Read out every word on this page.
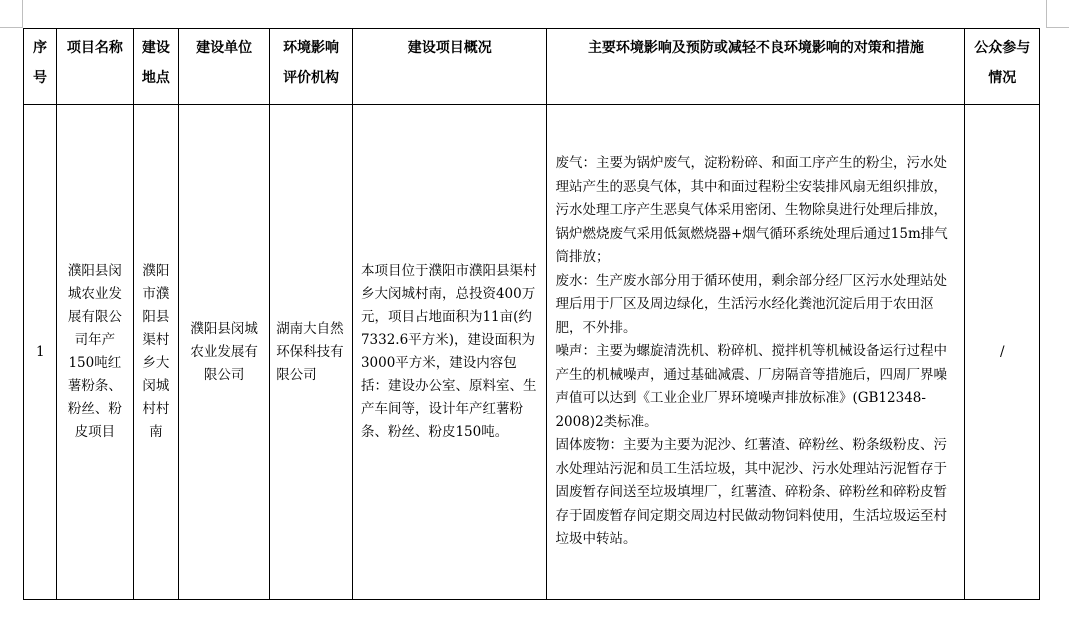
序号	项目名称	建设地点	建设单位	环境影响评价机构	建设项目概况	主要环境影响及预防或减轻不良环境影响的对策和措施	公众参与情况
1	濮阳县闵城农业发展有限公司年产150吨红薯粉条、粉丝、粉皮项目	濮阳市濮阳县渠村乡大闵城村村南	濮阳县闵城农业发展有限公司	湖南大自然环保科技有限公司	本项目位于濮阳市濮阳县渠村乡大闵城村南，总投资400万元，项目占地面积为11亩(约7332.6平方米)，建设面积为3000平方米，建设内容包括：建设办公室、原料室、生产车间等，设计年产红薯粉条、粉丝、粉皮150吨。	废气：主要为锅炉废气，淀粉粉碎、和面工序产生的粉尘，污水处理站产生的恶臭气体，其中和面过程粉尘安装排风扇无组织排放，污水处理工序产生恶臭气体采用密闭、生物除臭进行处理后排放，锅炉燃烧废气采用低氮燃烧器+烟气循环系统处理后通过15m排气筒排放；

废水：生产废水部分用于循环使用，剩余部分经厂区污水处理站处理后用于厂区及周边绿化，生活污水经化粪池沉淀后用于农田沤肥，不外排。

噪声：主要为螺旋清洗机、粉碎机、搅拌机等机械设备运行过程中产生的机械噪声，通过基础减震、厂房隔音等措施后，四周厂界噪声值可以达到《工业企业厂界环境噪声排放标准》(GB12348-2008)2类标准。

固体废物：主要为主要为泥沙、红薯渣、碎粉丝、粉条级粉皮、污水处理站污泥和员工生活垃圾，其中泥沙、污水处理站污泥暂存于固废暂存间送至垃圾填埋厂，红薯渣、碎粉条、碎粉丝和碎粉皮暂存于固废暂存间定期交周边村民做动物饲料使用，生活垃圾运至村垃圾中转站。	/
